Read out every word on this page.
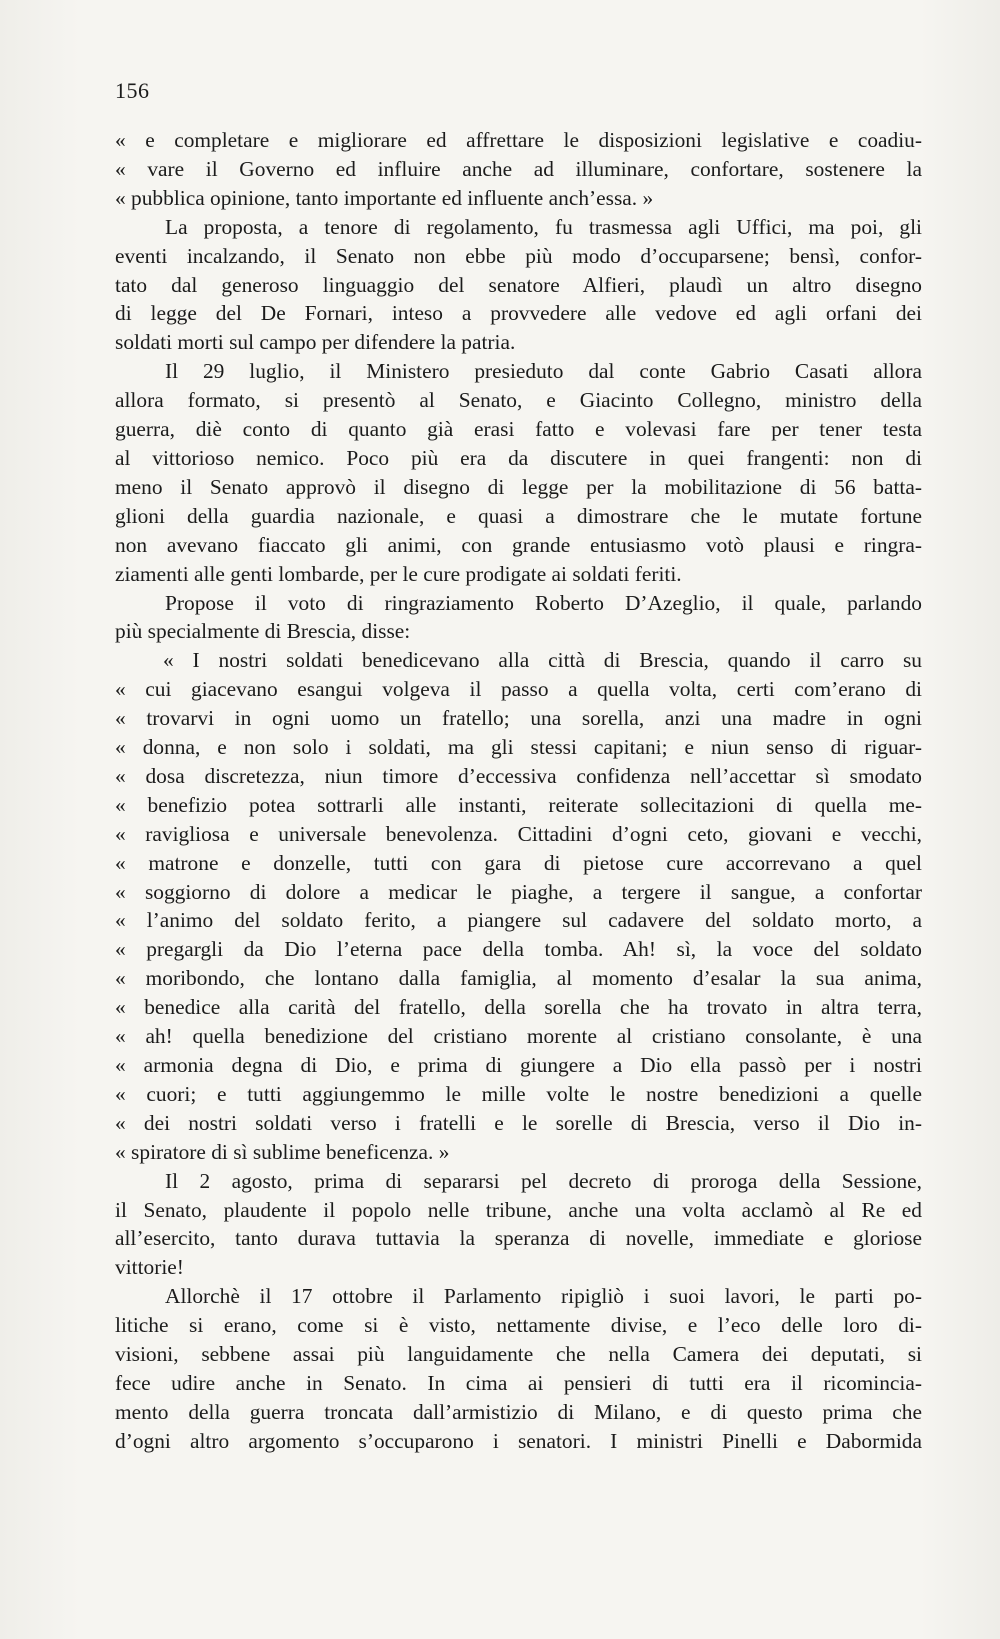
156

« e completare e migliorare ed affrettare le disposizioni legislative e coadiu-

« vare il Governo ed influire anche ad illuminare, confortare, sostenere la

« pubblica opinione, tanto importante ed influente anch’essa. »

La proposta, a tenore di regolamento, fu trasmessa agli Uffici, ma poi, gli

eventi incalzando, il Senato non ebbe più modo d’occuparsene; bensì, confor-

tato dal generoso linguaggio del senatore Alfieri, plaudì un altro disegno

di legge del De Fornari, inteso a provvedere alle vedove ed agli orfani dei

soldati morti sul campo per difendere la patria.

Il 29 luglio, il Ministero presieduto dal conte Gabrio Casati allora

allora formato, si presentò al Senato, e Giacinto Collegno, ministro della

guerra, diè conto di quanto già erasi fatto e volevasi fare per tener testa

al vittorioso nemico. Poco più era da discutere in quei frangenti: non di

meno il Senato approvò il disegno di legge per la mobilitazione di 56 batta-

glioni della guardia nazionale, e quasi a dimostrare che le mutate fortune

non avevano fiaccato gli animi, con grande entusiasmo votò plausi e ringra-

ziamenti alle genti lombarde, per le cure prodigate ai soldati feriti.

Propose il voto di ringraziamento Roberto D’Azeglio, il quale, parlando

più specialmente di Brescia, disse:

« I nostri soldati benedicevano alla città di Brescia, quando il carro su

« cui giacevano esangui volgeva il passo a quella volta, certi com’erano di

« trovarvi in ogni uomo un fratello; una sorella, anzi una madre in ogni

« donna, e non solo i soldati, ma gli stessi capitani; e niun senso di riguar-

« dosa discretezza, niun timore d’eccessiva confidenza nell’accettar sì smodato

« benefizio potea sottrarli alle instanti, reiterate sollecitazioni di quella me-

« ravigliosa e universale benevolenza. Cittadini d’ogni ceto, giovani e vecchi,

« matrone e donzelle, tutti con gara di pietose cure accorrevano a quel

« soggiorno di dolore a medicar le piaghe, a tergere il sangue, a confortar

« l’animo del soldato ferito, a piangere sul cadavere del soldato morto, a

« pregargli da Dio l’eterna pace della tomba. Ah! sì, la voce del soldato

« moribondo, che lontano dalla famiglia, al momento d’esalar la sua anima,

« benedice alla carità del fratello, della sorella che ha trovato in altra terra,

« ah! quella benedizione del cristiano morente al cristiano consolante, è una

« armonia degna di Dio, e prima di giungere a Dio ella passò per i nostri

« cuori; e tutti aggiungemmo le mille volte le nostre benedizioni a quelle

« dei nostri soldati verso i fratelli e le sorelle di Brescia, verso il Dio in-

« spiratore di sì sublime beneficenza. »

Il 2 agosto, prima di separarsi pel decreto di proroga della Sessione,

il Senato, plaudente il popolo nelle tribune, anche una volta acclamò al Re ed

all’esercito, tanto durava tuttavia la speranza di novelle, immediate e gloriose

vittorie!

Allorchè il 17 ottobre il Parlamento ripigliò i suoi lavori, le parti po-

litiche si erano, come si è visto, nettamente divise, e l’eco delle loro di-

visioni, sebbene assai più languidamente che nella Camera dei deputati, si

fece udire anche in Senato. In cima ai pensieri di tutti era il ricomincia-

mento della guerra troncata dall’armistizio di Milano, e di questo prima che

d’ogni altro argomento s’occuparono i senatori. I ministri Pinelli e Dabormida
